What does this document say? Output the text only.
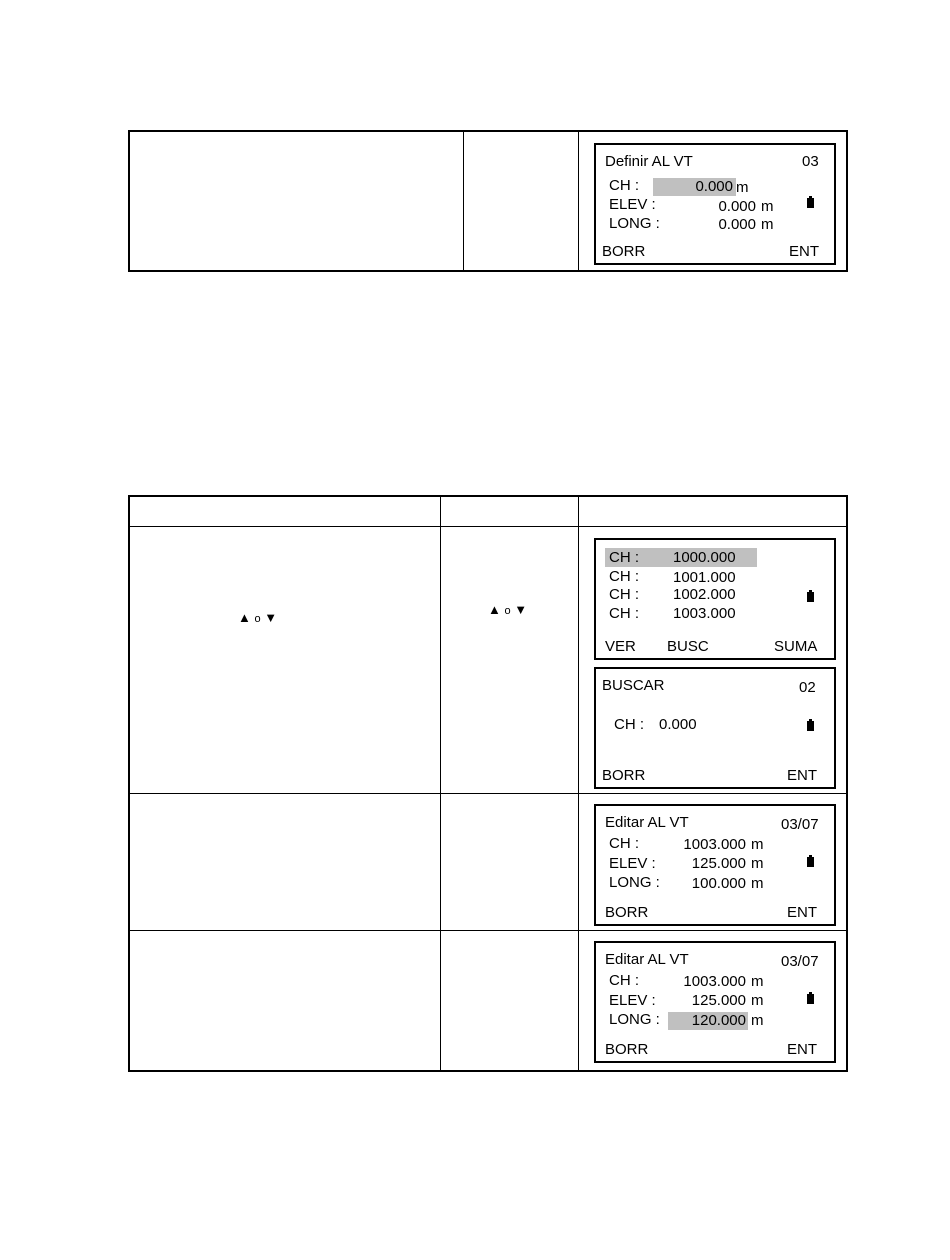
Definir AL VT	03
CH :	0.000 m
ELEV :	0.000 m
LONG :	0.000 m
BORR	ENT
▲ o ▼
▲ o ▼
CH : 1000.000
CH : 1001.000
CH : 1002.000
CH : 1003.000
VER BUSC	SUMA
BUSCAR	02
CH : 0.000
BORR	ENT
Editar AL VT	03/07
CH :	1003.000 m
ELEV :	125.000 m
LONG :	100.000 m
BORR	ENT
Editar AL VT	03/07
CH :	1003.000 m
ELEV :	125.000 m
LONG :	120.000 m
BORR	ENT
